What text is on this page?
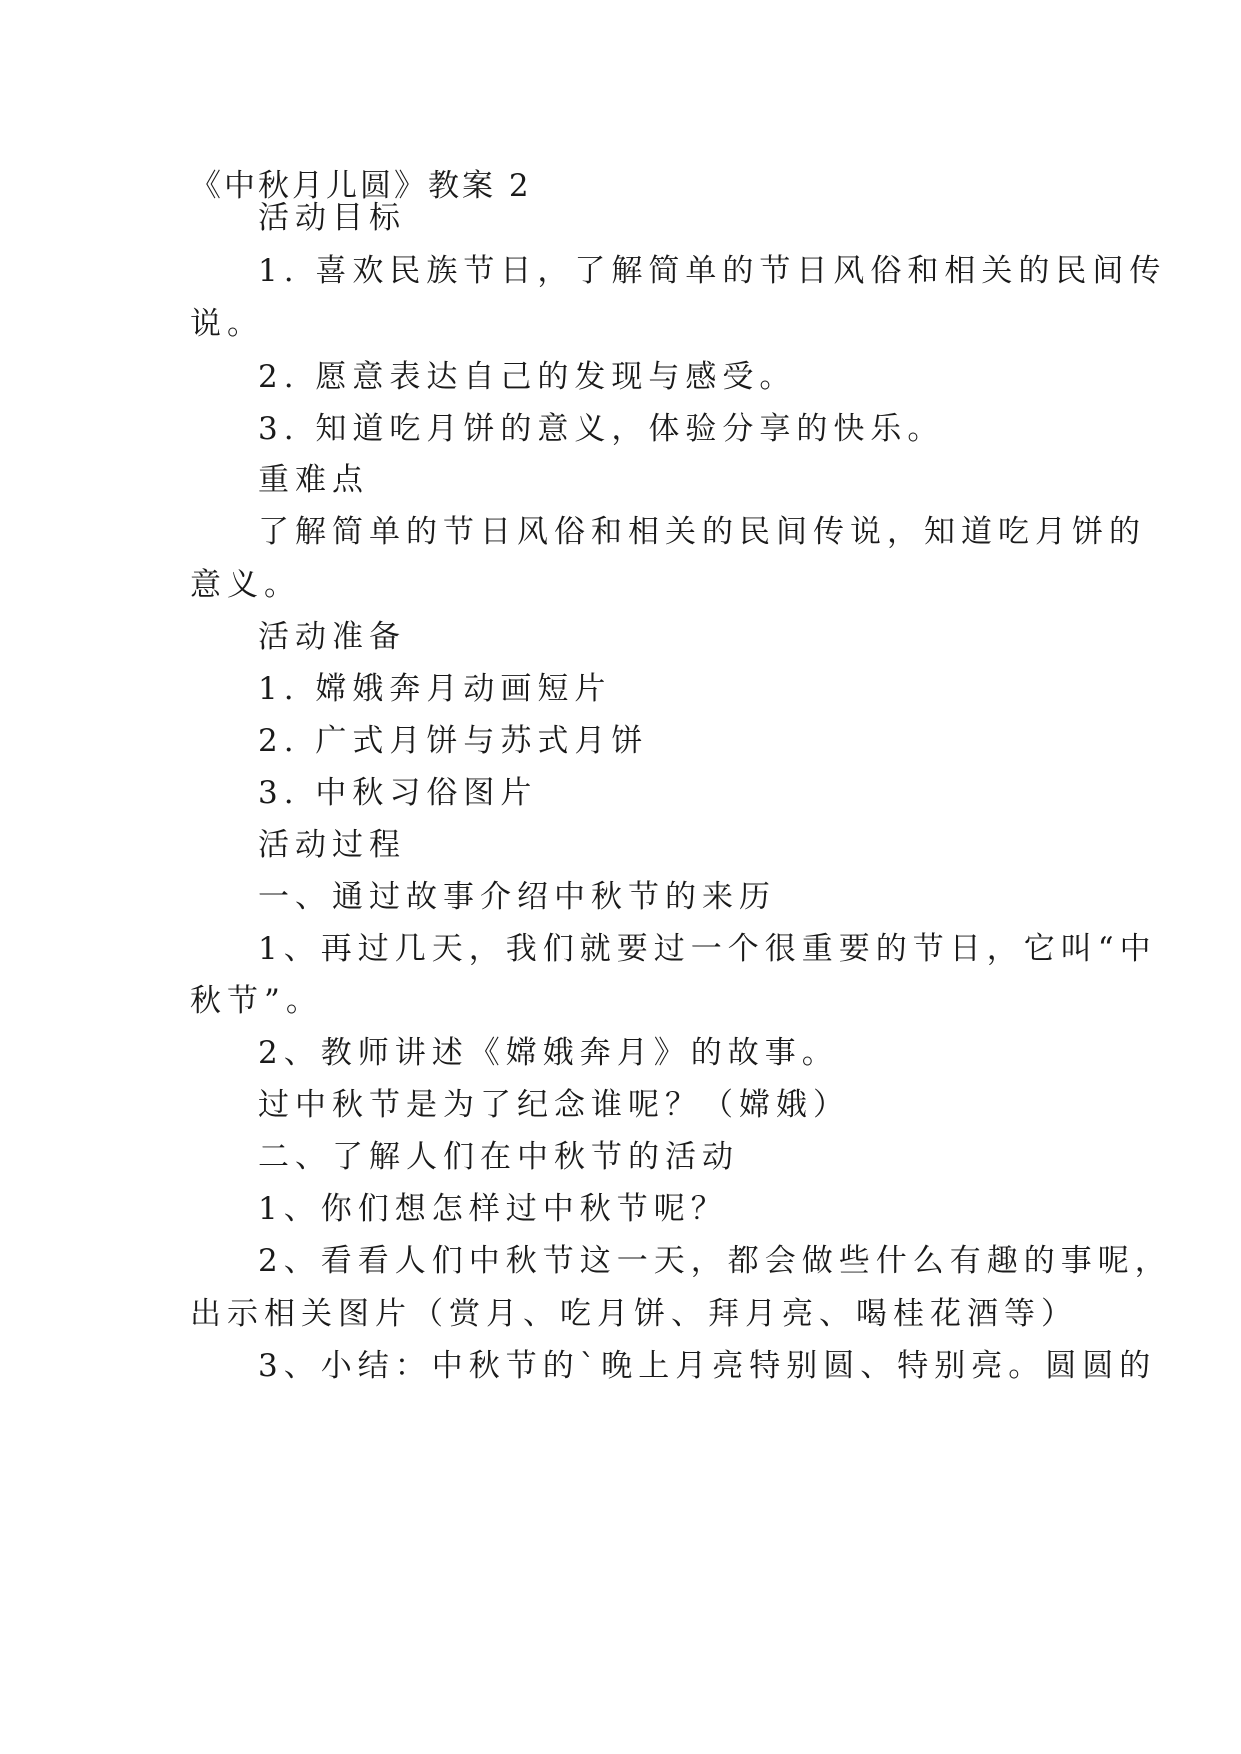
《中秋月儿圆》教案 2
活动目标
1. 喜欢民族节日，了解简单的节日风俗和相关的民间传
说。
2. 愿意表达自己的发现与感受。
3. 知道吃月饼的意义，体验分享的快乐。
重难点
了解简单的节日风俗和相关的民间传说，知道吃月饼的
意义。
活动准备
1. 嫦娥奔月动画短片
2. 广式月饼与苏式月饼
3. 中秋习俗图片
活动过程
一、通过故事介绍中秋节的来历
1、再过几天，我们就要过一个很重要的节日，它叫“中
秋节”。
2、教师讲述《嫦娥奔月》的故事。
过中秋节是为了纪念谁呢？（嫦娥）
二、了解人们在中秋节的活动
1、你们想怎样过中秋节呢？
2、看看人们中秋节这一天，都会做些什么有趣的事呢，
出示相关图片（赏月、吃月饼、拜月亮、喝桂花酒等）
3、小结：中秋节的`晚上月亮特别圆、特别亮。圆圆的
